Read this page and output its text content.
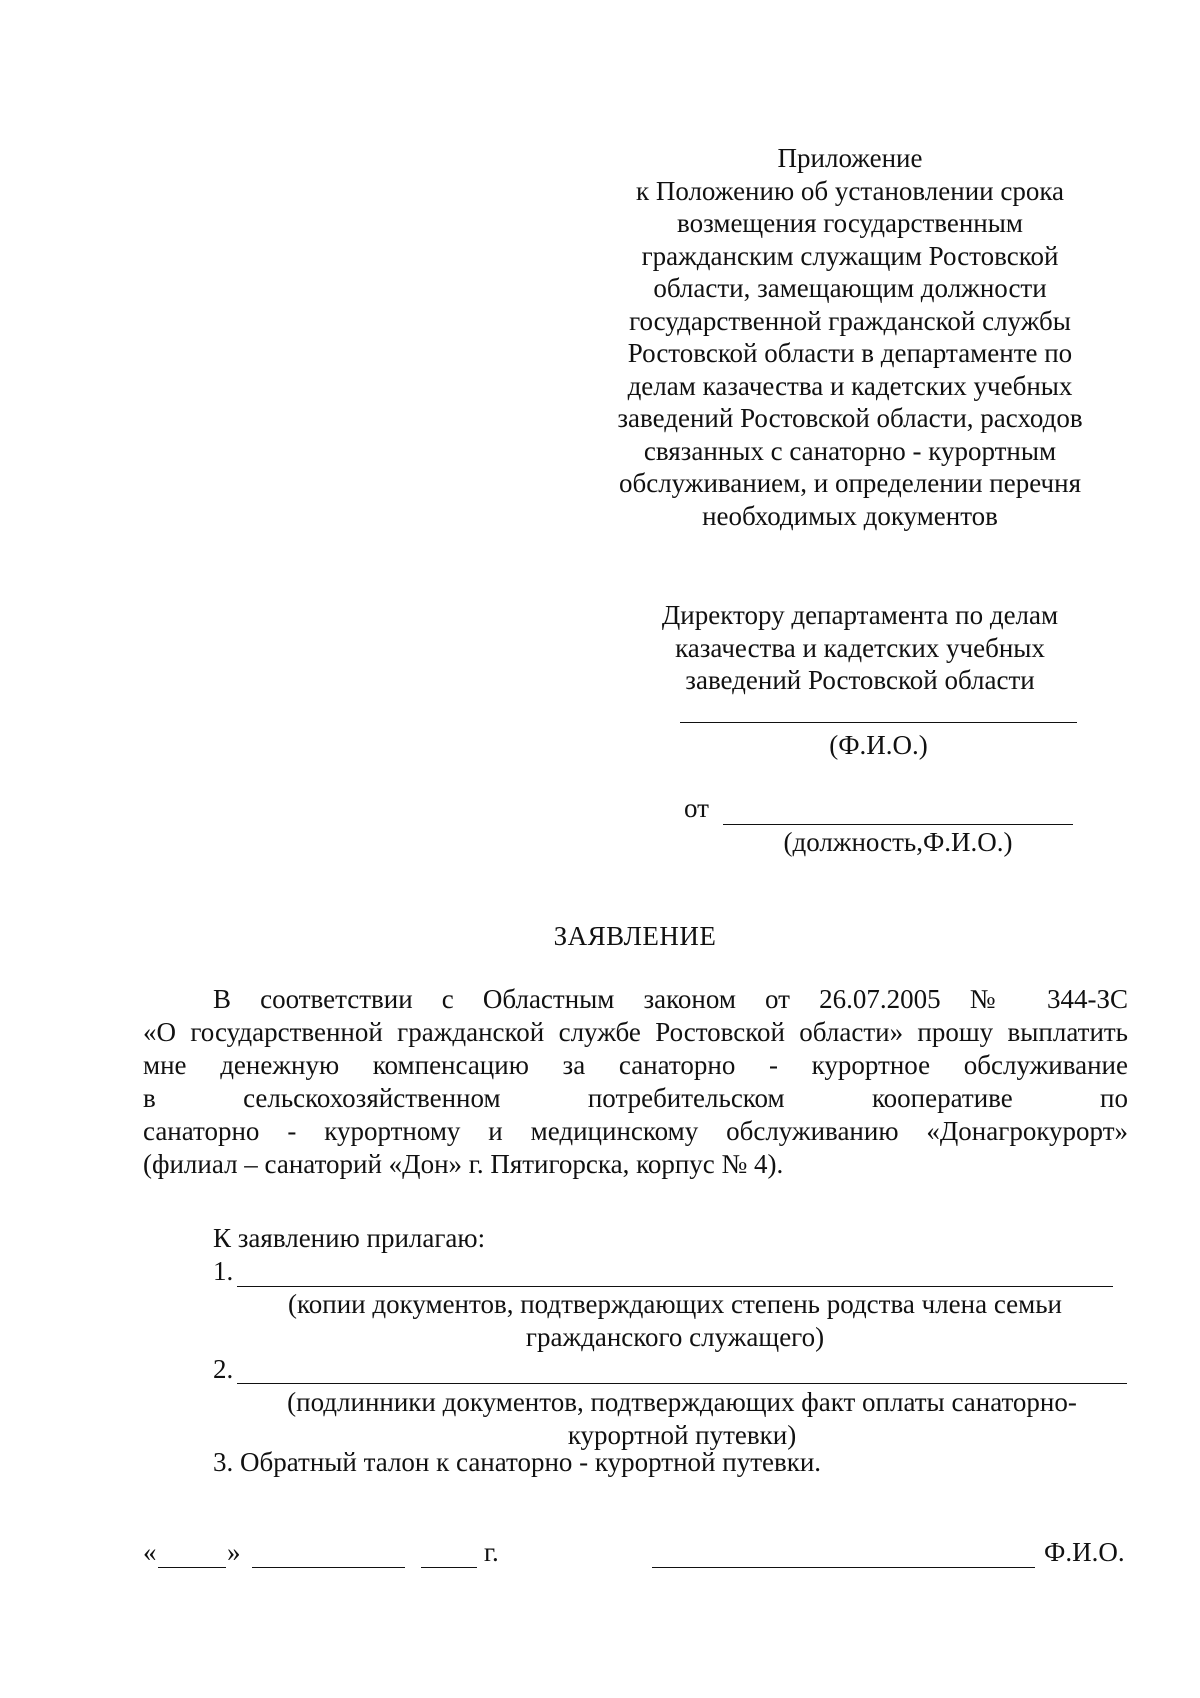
Приложение
к Положению об установлении срока
возмещения государственным
гражданским служащим Ростовской
области, замещающим должности
государственной гражданской службы
Ростовской области в департаменте по
делам казачества и кадетских учебных
заведений Ростовской области, расходов
связанных с санаторно - курортным
обслуживанием, и определении перечня
необходимых документов
Директору департамента по делам
казачества и кадетских учебных
заведений Ростовской области
(Ф.И.О.)
от
(должность,Ф.И.О.)
ЗАЯВЛЕНИЕ
В соответствии с Областным законом от 26.07.2005 № 344-ЗС
«О государственной гражданской службе Ростовской области» прошу выплатить
мне денежную компенсацию за санаторно - курортное обслуживание
в сельскохозяйственном потребительском кооперативе по
санаторно - курортному и медицинскому обслуживанию «Донагрокурорт»
(филиал – санаторий «Дон» г. Пятигорска, корпус № 4).
К заявлению прилагаю:
1.
(копии документов, подтверждающих степень родства члена семьи
гражданского служащего)
2.
(подлинники документов, подтверждающих факт оплаты санаторно-
курортной путевки)
3. Обратный талон к санаторно - курортной путевки.
«	»	г.	Ф.И.О.
